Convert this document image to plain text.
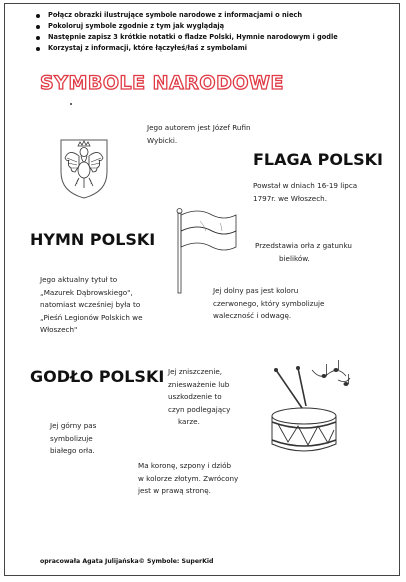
Połącz obrazki ilustrujące symbole narodowe z informacjami o niech
Pokoloruj symbole zgodnie z tym jak wyglądają
Następnie zapisz 3 krótkie notatki o fladze Polski, Hymnie narodowym i godle
Korzystaj z informacji, które łączyłeś/łaś z symbolami
SYMBOLE NARODOWE
FLAGA POLSKI
HYMN POLSKI
GODŁO POLSKI
Jego autorem jest Józef Rufin
Wybicki.
Powstał w dniach 16-19 lipca
1797r. we Włoszech.
Przedstawia orła z gatunku
bielików.
Jego aktualny tytuł to
„Mazurek Dąbrowskiego",
natomiast wcześniej była to
„Pieśń Legionów Polskich we
Włoszech"
Jej dolny pas jest koloru
czerwonego, który symbolizuje
waleczność i odwagę.
Jej zniszczenie,
zniesważenie lub
uszkodzenie to
czyn podlegający
karze.
Jej górny pas
symbolizuje
białego orła.
Ma koronę, szpony i dziób
w kolorze złotym. Zwrócony
jest w prawą stronę.
opracowała Agata Julijańska© Symbole: SuperKid
